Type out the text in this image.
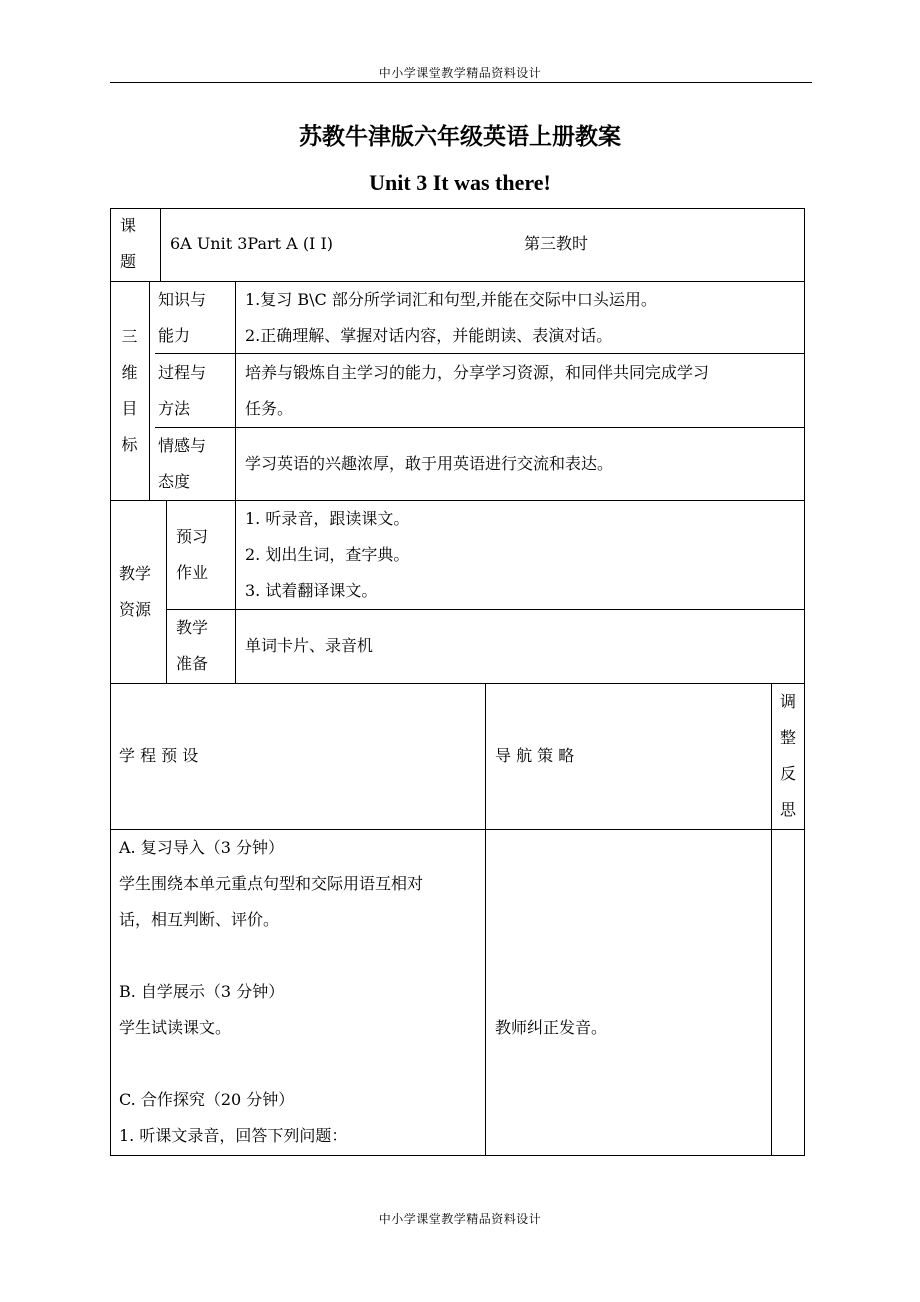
中小学课堂教学精品资料设计
苏教牛津版六年级英语上册教案
Unit 3 It was there!
课
题
6A Unit 3Part A (I I)	第三教时
三
维
目
标
知识与
能力
1.复习 B\C 部分所学词汇和句型,并能在交际中口头运用。
2.正确理解、掌握对话内容，并能朗读、表演对话。
过程与
方法
培养与锻炼自主学习的能力，分享学习资源，和同伴共同完成学习
任务。
情感与
态度
学习英语的兴趣浓厚，敢于用英语进行交流和表达。
教学
资源
预习
作业
1. 听录音，跟读课文。
2. 划出生词，查字典。
3. 试着翻译课文。
教学
准备
单词卡片、录音机
学 程 预 设	导 航 策 略
调
整
反
思
A. 复习导入（3 分钟）
学生围绕本单元重点句型和交际用语互相对
话，相互判断、评价。
B. 自学展示（3 分钟）
学生试读课文。
C. 合作探究（20 分钟）
1. 听课文录音，回答下列问题：
教师纠正发音。
中小学课堂教学精品资料设计
